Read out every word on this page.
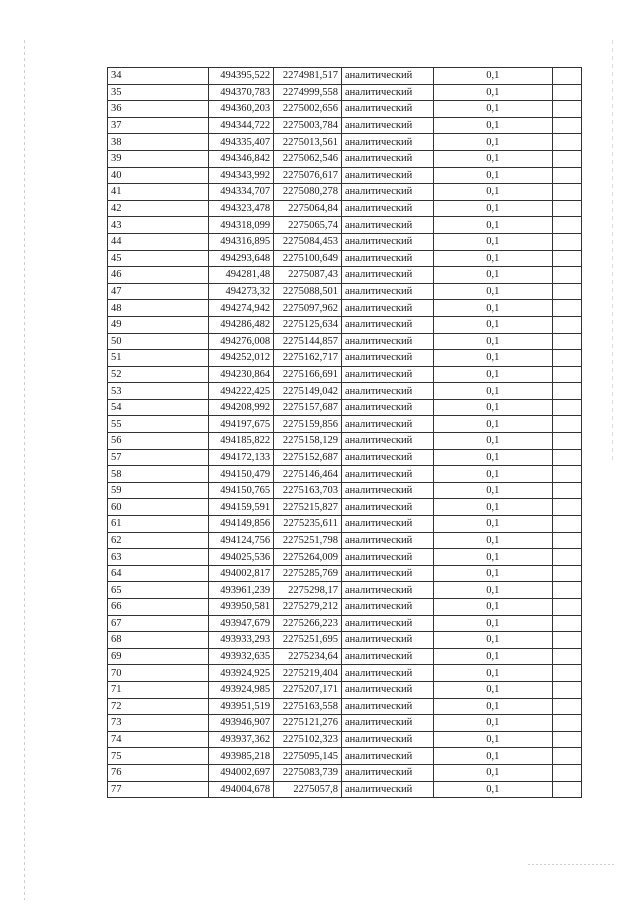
34	494395,522	2274981,517	аналитический	0,1	
35	494370,783	2274999,558	аналитический	0,1	
36	494360,203	2275002,656	аналитический	0,1	
37	494344,722	2275003,784	аналитический	0,1	
38	494335,407	2275013,561	аналитический	0,1	
39	494346,842	2275062,546	аналитический	0,1	
40	494343,992	2275076,617	аналитический	0,1	
41	494334,707	2275080,278	аналитический	0,1	
42	494323,478	2275064,84	аналитический	0,1	
43	494318,099	2275065,74	аналитический	0,1	
44	494316,895	2275084,453	аналитический	0,1	
45	494293,648	2275100,649	аналитический	0,1	
46	494281,48	2275087,43	аналитический	0,1	
47	494273,32	2275088,501	аналитический	0,1	
48	494274,942	2275097,962	аналитический	0,1	
49	494286,482	2275125,634	аналитический	0,1	
50	494276,008	2275144,857	аналитический	0,1	
51	494252,012	2275162,717	аналитический	0,1	
52	494230,864	2275166,691	аналитический	0,1	
53	494222,425	2275149,042	аналитический	0,1	
54	494208,992	2275157,687	аналитический	0,1	
55	494197,675	2275159,856	аналитический	0,1	
56	494185,822	2275158,129	аналитический	0,1	
57	494172,133	2275152,687	аналитический	0,1	
58	494150,479	2275146,464	аналитический	0,1	
59	494150,765	2275163,703	аналитический	0,1	
60	494159,591	2275215,827	аналитический	0,1	
61	494149,856	2275235,611	аналитический	0,1	
62	494124,756	2275251,798	аналитический	0,1	
63	494025,536	2275264,009	аналитический	0,1	
64	494002,817	2275285,769	аналитический	0,1	
65	493961,239	2275298,17	аналитический	0,1	
66	493950,581	2275279,212	аналитический	0,1	
67	493947,679	2275266,223	аналитический	0,1	
68	493933,293	2275251,695	аналитический	0,1	
69	493932,635	2275234,64	аналитический	0,1	
70	493924,925	2275219,404	аналитический	0,1	
71	493924,985	2275207,171	аналитический	0,1	
72	493951,519	2275163,558	аналитический	0,1	
73	493946,907	2275121,276	аналитический	0,1	
74	493937,362	2275102,323	аналитический	0,1	
75	493985,218	2275095,145	аналитический	0,1	
76	494002,697	2275083,739	аналитический	0,1	
77	494004,678	2275057,8	аналитический	0,1	
